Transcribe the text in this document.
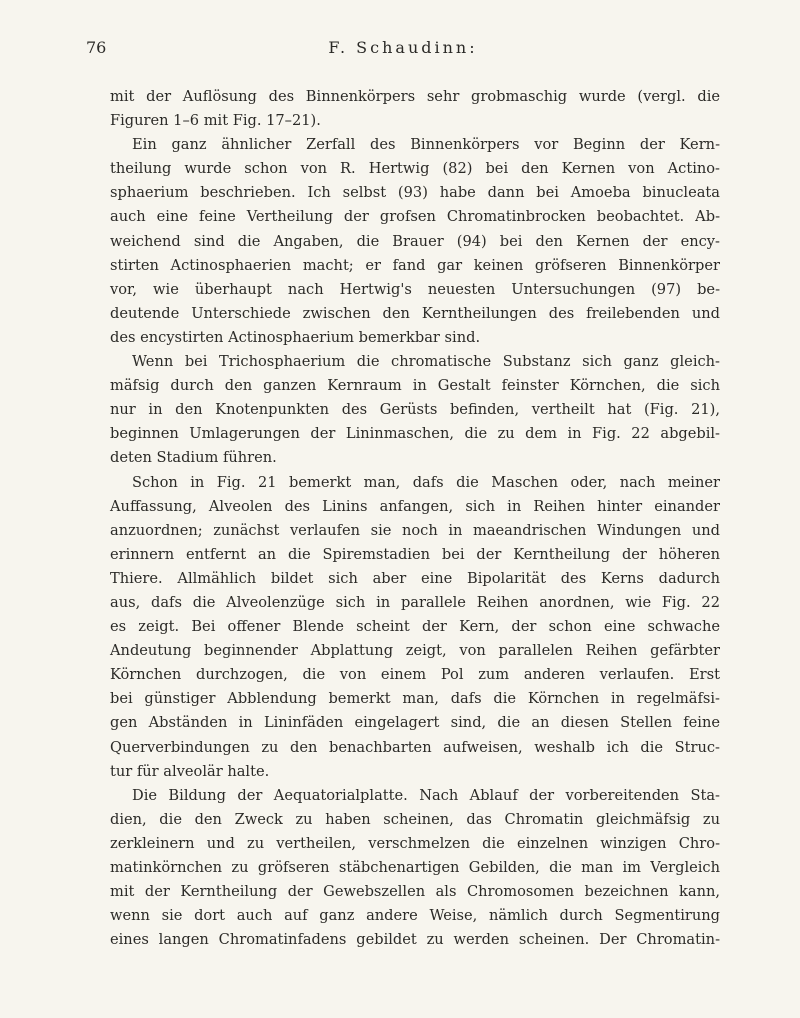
76	F. Schaudinn:
mit der Auflösung des Binnenkörpers sehr grobmaschig wurde (vergl. die
Figuren 1–6 mit Fig. 17–21).
Ein ganz ähnlicher Zerfall des Binnenkörpers vor Beginn der Kern-
theilung wurde schon von R. Hertwig (82) bei den Kernen von Actino-
sphaerium beschrieben. Ich selbst (93) habe dann bei Amoeba binucleata
auch eine feine Vertheilung der grofsen Chromatinbrocken beobachtet. Ab-
weichend sind die Angaben, die Brauer (94) bei den Kernen der ency-
stirten Actinosphaerien macht; er fand gar keinen gröfseren Binnenkörper
vor, wie überhaupt nach Hertwig's neuesten Untersuchungen (97) be-
deutende Unterschiede zwischen den Kerntheilungen des freilebenden und
des encystirten Actinosphaerium bemerkbar sind.
Wenn bei Trichosphaerium die chromatische Substanz sich ganz gleich-
mäfsig durch den ganzen Kernraum in Gestalt feinster Körnchen, die sich
nur in den Knotenpunkten des Gerüsts befinden, vertheilt hat (Fig. 21),
beginnen Umlagerungen der Lininmaschen, die zu dem in Fig. 22 abgebil-
deten Stadium führen.
Schon in Fig. 21 bemerkt man, dafs die Maschen oder, nach meiner
Auffassung, Alveolen des Linins anfangen, sich in Reihen hinter einander
anzuordnen; zunächst verlaufen sie noch in maeandrischen Windungen und
erinnern entfernt an die Spiremstadien bei der Kerntheilung der höheren
Thiere. Allmählich bildet sich aber eine Bipolarität des Kerns dadurch
aus, dafs die Alveolenzüge sich in parallele Reihen anordnen, wie Fig. 22
es zeigt. Bei offener Blende scheint der Kern, der schon eine schwache
Andeutung beginnender Abplattung zeigt, von parallelen Reihen gefärbter
Körnchen durchzogen, die von einem Pol zum anderen verlaufen. Erst
bei günstiger Abblendung bemerkt man, dafs die Körnchen in regelmäfsi-
gen Abständen in Lininfäden eingelagert sind, die an diesen Stellen feine
Querverbindungen zu den benachbarten aufweisen, weshalb ich die Struc-
tur für alveolär halte.
Die Bildung der Aequatorialplatte. Nach Ablauf der vorbereitenden Sta-
dien, die den Zweck zu haben scheinen, das Chromatin gleichmäfsig zu
zerkleinern und zu vertheilen, verschmelzen die einzelnen winzigen Chro-
matinkörnchen zu gröfseren stäbchenartigen Gebilden, die man im Vergleich
mit der Kerntheilung der Gewebszellen als Chromosomen bezeichnen kann,
wenn sie dort auch auf ganz andere Weise, nämlich durch Segmentirung
eines langen Chromatinfadens gebildet zu werden scheinen. Der Chromatin-
